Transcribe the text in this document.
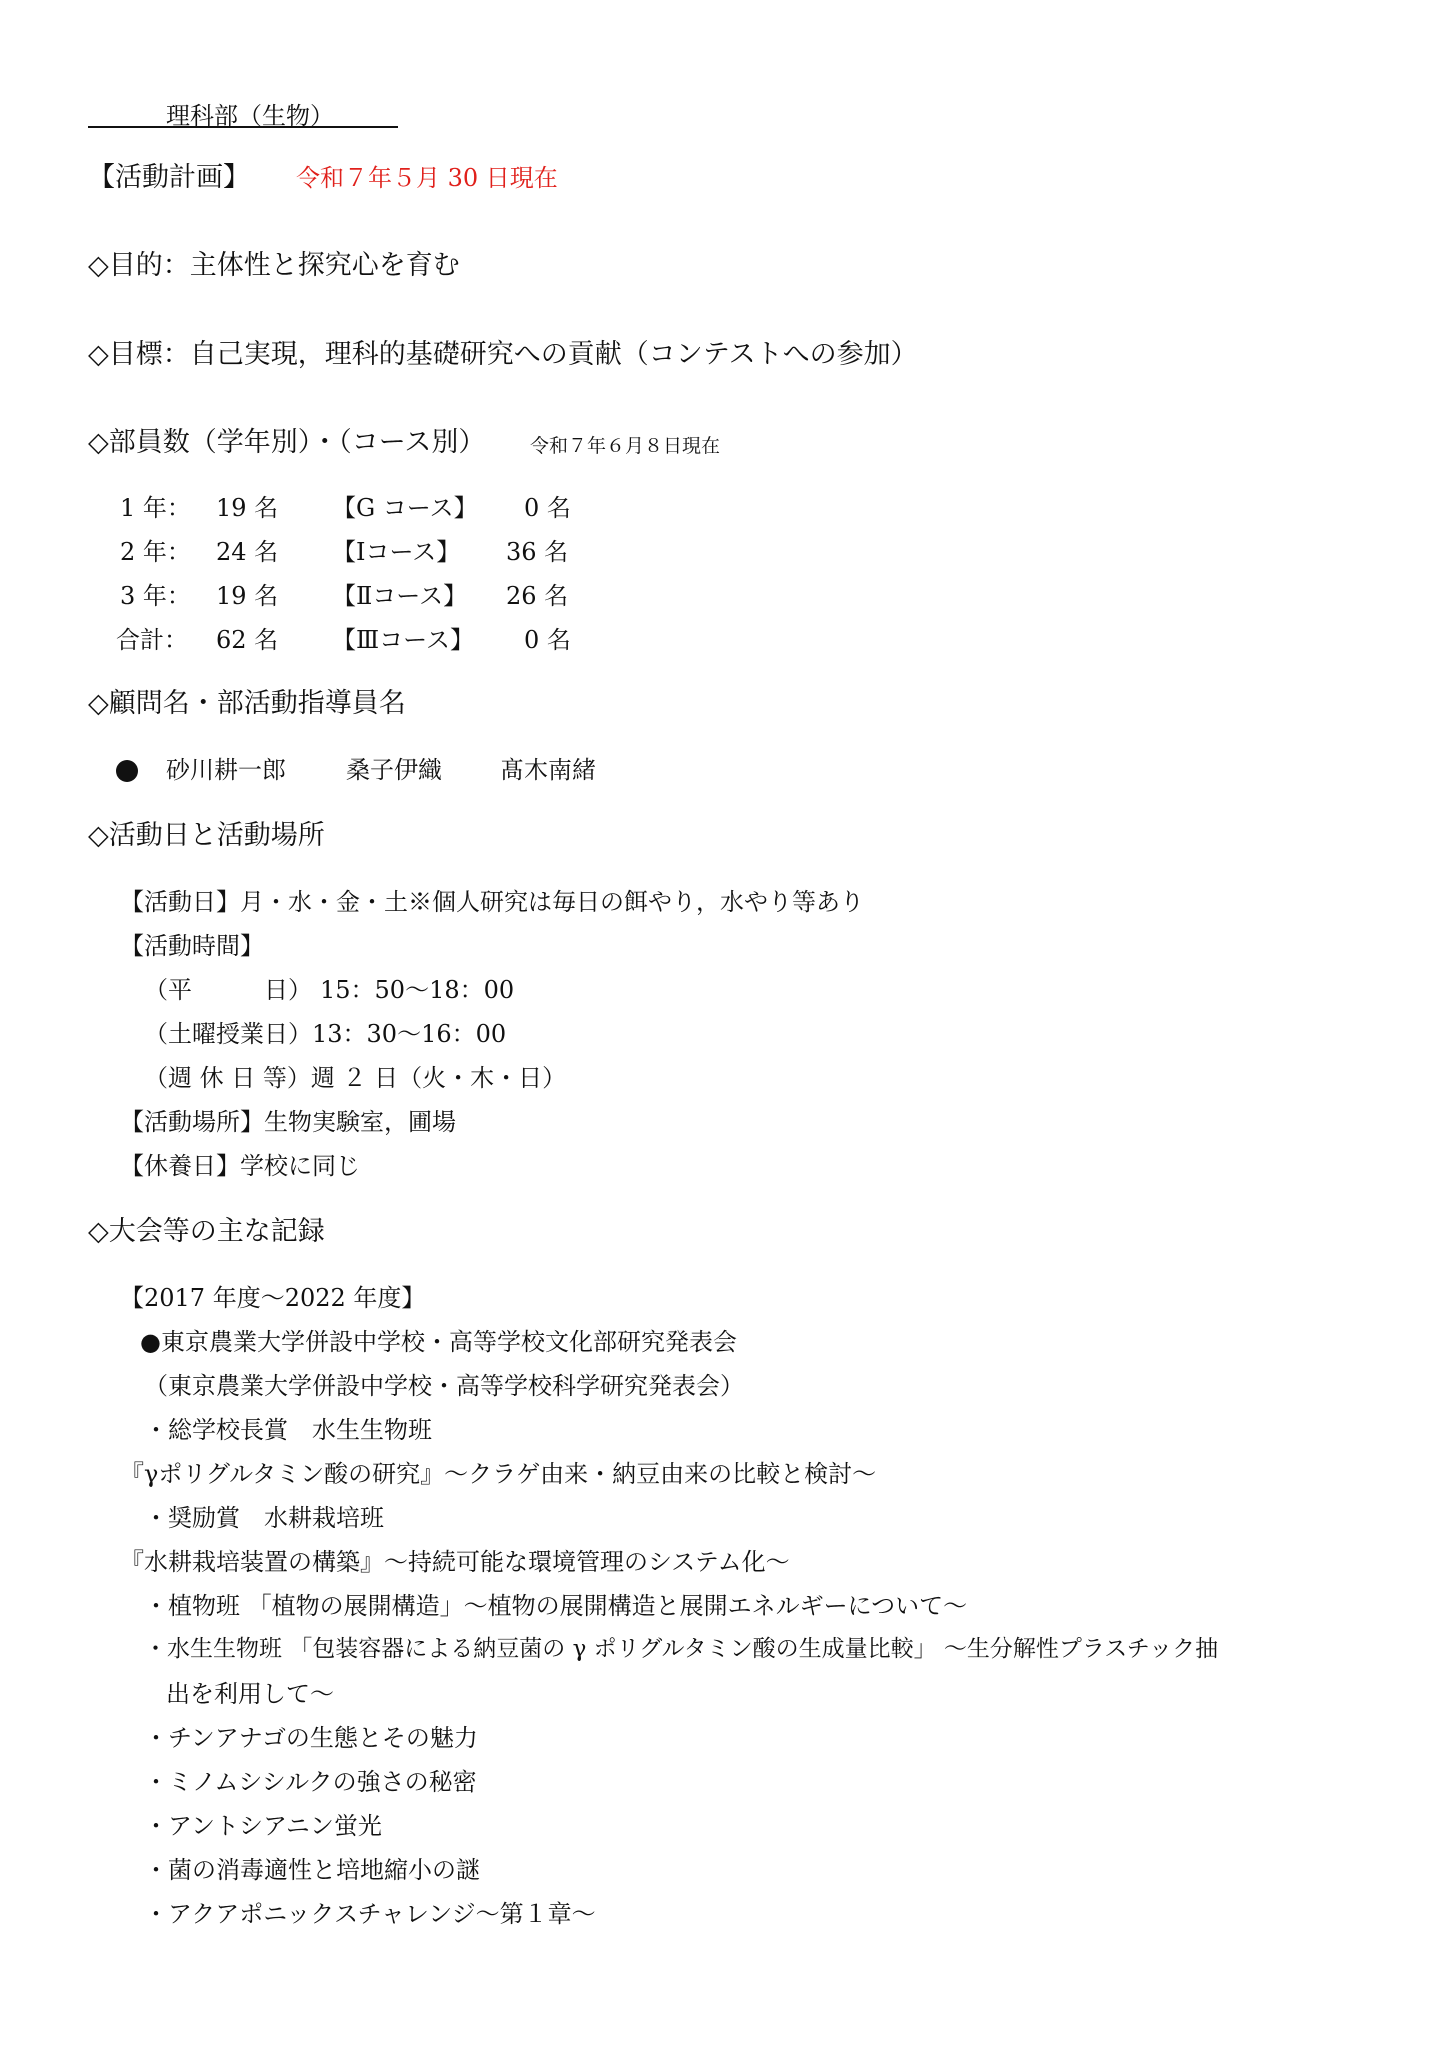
理科部（生物）
【活動計画】 令和７年５月 30 日現在
◇目的：主体性と探究心を育む
◇目標：自己実現，理科的基礎研究への貢献（コンテストへの参加）
◇部員数（学年別）・（コース別） 令和７年６月８日現在
1 年： 19 名 【G コース】 0 名
2 年： 24 名 【Ⅰコース】 36 名
3 年： 19 名 【Ⅱコース】 26 名
合計： 62 名 【Ⅲコース】 0 名
◇顧問名・部活動指導員名
砂川耕一郎	桑子伊織 髙木南緒
◇活動日と活動場所
【活動日】月・水・金・土※個人研究は毎日の餌やり，水やり等あり
【活動時間】
（平　　　日） 15：50〜18：00
（土曜授業日）13：30〜16：00
（週 休 日 等）週 ２ 日（火・木・日）
【活動場所】生物実験室，圃場
【休養日】学校に同じ
◇大会等の主な記録
【2017 年度〜2022 年度】
●東京農業大学併設中学校・高等学校文化部研究発表会
（東京農業大学併設中学校・高等学校科学研究発表会）
・総学校長賞　水生生物班
『γポリグルタミン酸の研究』〜クラゲ由来・納豆由来の比較と検討〜
・奨励賞　水耕栽培班
『水耕栽培装置の構築』〜持続可能な環境管理のシステム化〜
・植物班 「植物の展開構造」〜植物の展開構造と展開エネルギーについて〜
・水生生物班 「包装容器による納豆菌の γ ポリグルタミン酸の生成量比較」 〜生分解性プラスチック抽
出を利用して〜
・チンアナゴの生態とその魅力
・ミノムシシルクの強さの秘密
・アントシアニン蛍光
・菌の消毒適性と培地縮小の謎
・アクアポニックスチャレンジ〜第１章〜
